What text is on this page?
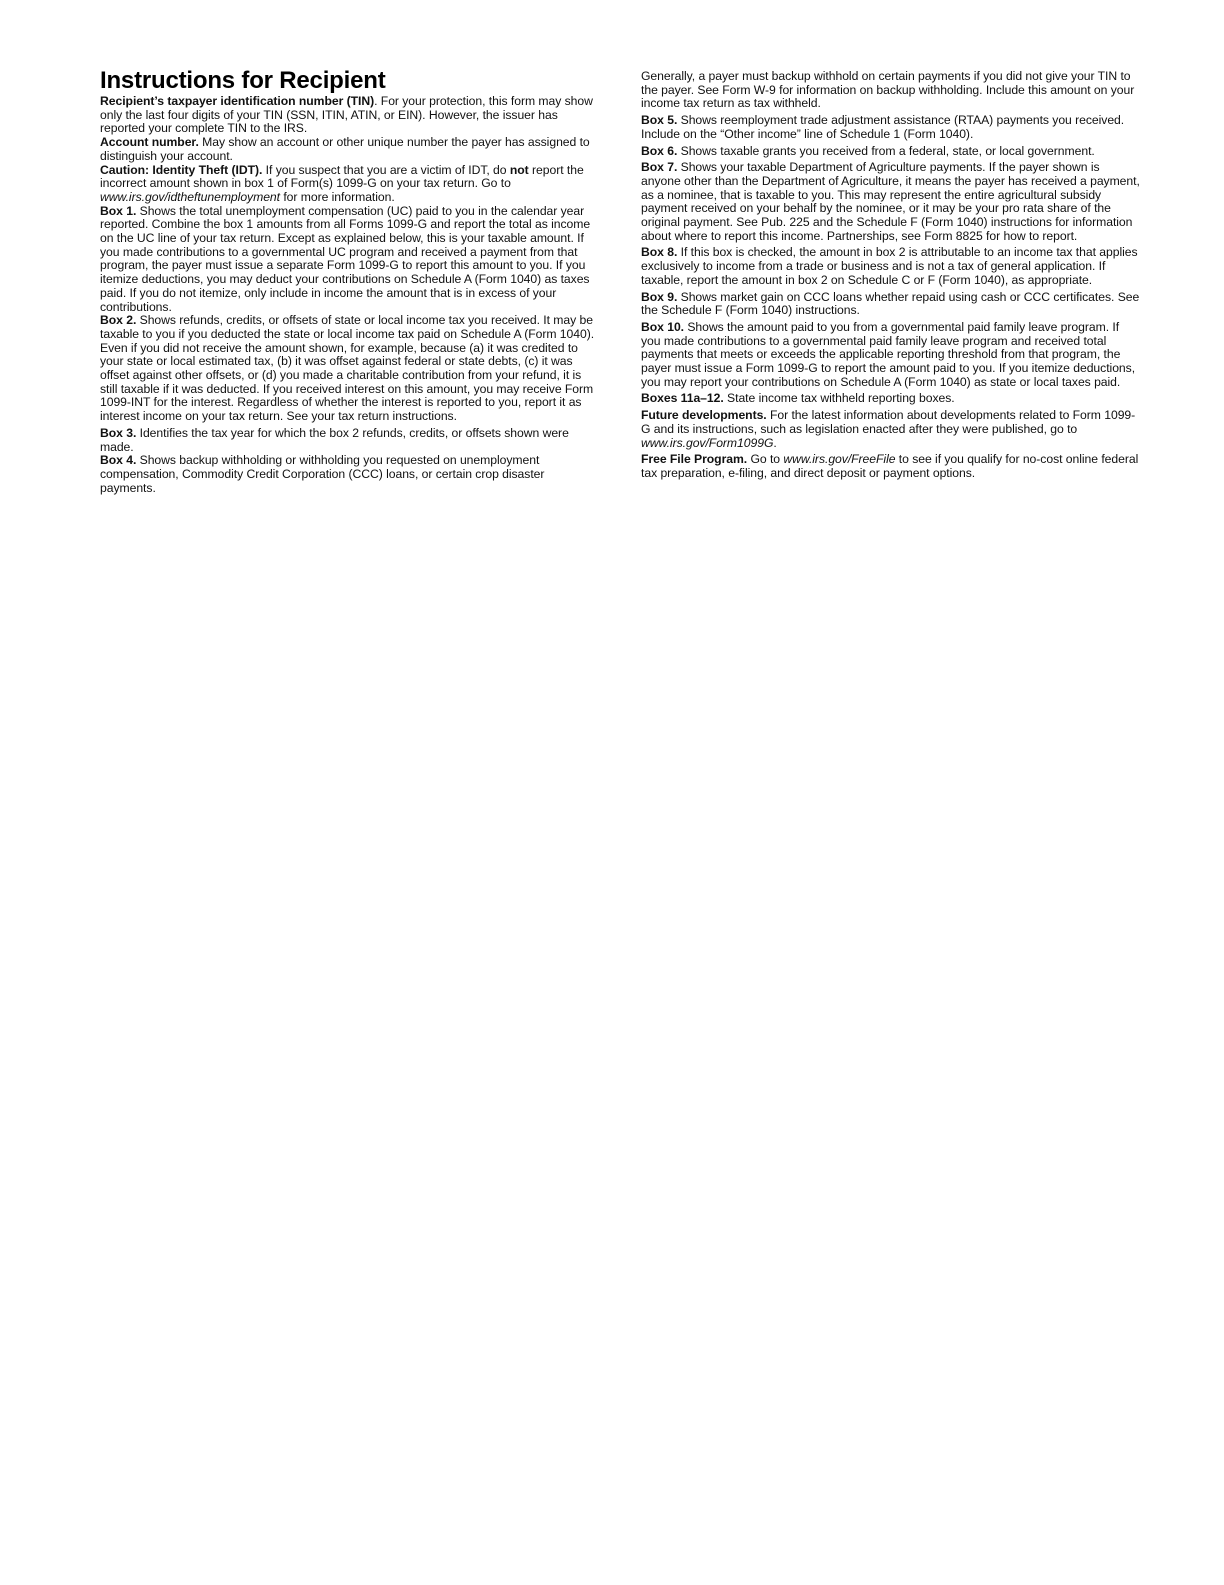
Instructions for Recipient

Recipient’s taxpayer identification number (TIN). For your protection, this form may show only the last four digits of your TIN (SSN, ITIN, ATIN, or EIN). However, the issuer has reported your complete TIN to the IRS.

Account number. May show an account or other unique number the payer has assigned to distinguish your account.

Caution: Identity Theft (IDT). If you suspect that you are a victim of IDT, do not report the incorrect amount shown in box 1 of Form(s) 1099-G on your tax return. Go to www.irs.gov/idtheftunemployment for more information.

Box 1. Shows the total unemployment compensation (UC) paid to you in the calendar year reported. Combine the box 1 amounts from all Forms 1099-G and report the total as income on the UC line of your tax return. Except as explained below, this is your taxable amount. If you made contributions to a governmental UC program and received a payment from that program, the payer must issue a separate Form 1099-G to report this amount to you. If you itemize deductions, you may deduct your contributions on Schedule A (Form 1040) as taxes paid. If you do not itemize, only include in income the amount that is in excess of your contributions.

Box 2. Shows refunds, credits, or offsets of state or local income tax you received. It may be taxable to you if you deducted the state or local income tax paid on Schedule A (Form 1040). Even if you did not receive the amount shown, for example, because (a) it was credited to your state or local estimated tax, (b) it was offset against federal or state debts, (c) it was offset against other offsets, or (d) you made a charitable contribution from your refund, it is still taxable if it was deducted. If you received interest on this amount, you may receive Form 1099-INT for the interest. Regardless of whether the interest is reported to you, report it as interest income on your tax return. See your tax return instructions.

Box 3. Identifies the tax year for which the box 2 refunds, credits, or offsets shown were made.

Box 4. Shows backup withholding or withholding you requested on unemployment compensation, Commodity Credit Corporation (CCC) loans, or certain crop disaster payments.

Generally, a payer must backup withhold on certain payments if you did not give your TIN to the payer. See Form W-9 for information on backup withholding. Include this amount on your income tax return as tax withheld.

Box 5. Shows reemployment trade adjustment assistance (RTAA) payments you received. Include on the “Other income” line of Schedule 1 (Form 1040).

Box 6. Shows taxable grants you received from a federal, state, or local government.

Box 7. Shows your taxable Department of Agriculture payments. If the payer shown is anyone other than the Department of Agriculture, it means the payer has received a payment, as a nominee, that is taxable to you. This may represent the entire agricultural subsidy payment received on your behalf by the nominee, or it may be your pro rata share of the original payment. See Pub. 225 and the Schedule F (Form 1040) instructions for information about where to report this income. Partnerships, see Form 8825 for how to report.

Box 8. If this box is checked, the amount in box 2 is attributable to an income tax that applies exclusively to income from a trade or business and is not a tax of general application. If taxable, report the amount in box 2 on Schedule C or F (Form 1040), as appropriate.

Box 9. Shows market gain on CCC loans whether repaid using cash or CCC certificates. See the Schedule F (Form 1040) instructions.

Box 10. Shows the amount paid to you from a governmental paid family leave program. If you made contributions to a governmental paid family leave program and received total payments that meets or exceeds the applicable reporting threshold from that program, the payer must issue a Form 1099-G to report the amount paid to you. If you itemize deductions, you may report your contributions on Schedule A (Form 1040) as state or local taxes paid.

Boxes 11a–12. State income tax withheld reporting boxes.

Future developments. For the latest information about developments related to Form 1099-G and its instructions, such as legislation enacted after they were published, go to www.irs.gov/Form1099G.

Free File Program. Go to www.irs.gov/FreeFile to see if you qualify for no-cost online federal tax preparation, e-filing, and direct deposit or payment options.
